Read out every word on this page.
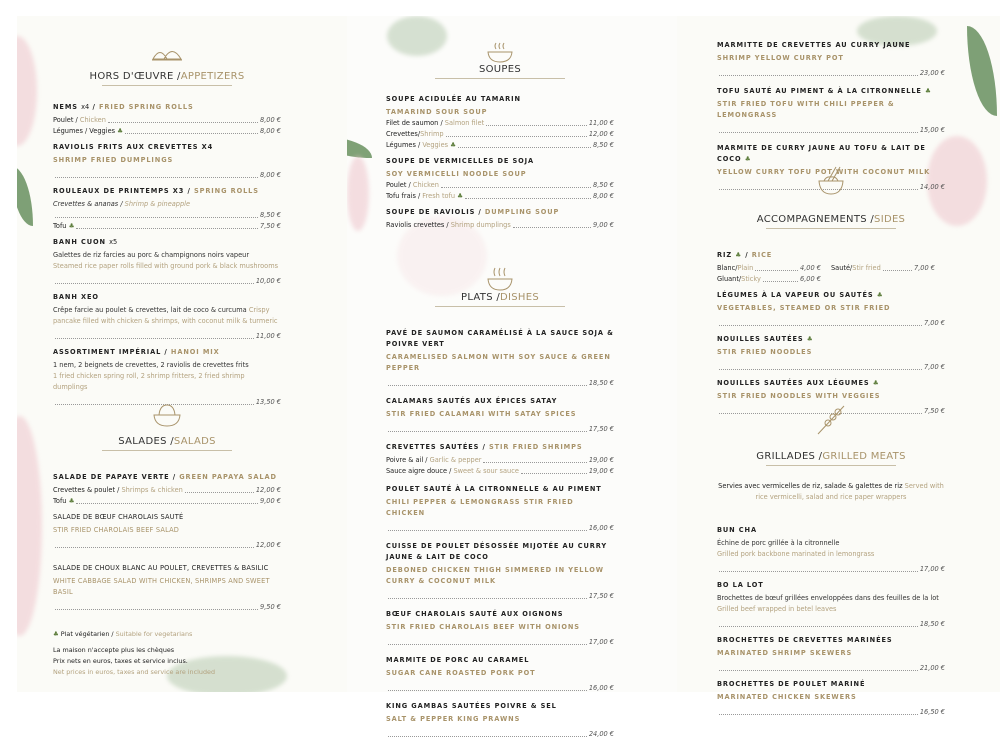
HORS D'ŒUVRE /APPETIZERS
NEMS x4 / FRIED SPRING ROLLS
Poulet / Chicken	8,00 €
Légumes / Veggies ♣	8,00 €
RAVIOLIS FRITS AUX CREVETTES X4
SHRIMP FRIED DUMPLINGS
8,00 €
ROULEAUX DE PRINTEMPS X3 / SPRING ROLLS
Crevettes & ananas / Shrimp & pineapple
8,50 €
Tofu ♣	7,50 €
BANH CUON x5
Galettes de riz farcies au porc & champignons noirs vapeur
Steamed rice paper rolls filled with ground pork & black mushrooms
10,00 €
BANH XEO
Crêpe farcie au poulet & crevettes, lait de coco & curcuma Crispy pancake filled with chicken & shrimps, with coconut milk & turmeric
11,00 €
ASSORTIMENT IMPÉRIAL / HANOI MIX
1 nem, 2 beignets de crevettes, 2 raviolis de crevettes frits
1 fried chicken spring roll, 2 shrimp fritters, 2 fried shrimp dumplings
13,50 €
SALADES /SALADS
SALADE DE PAPAYE VERTE / GREEN PAPAYA SALAD
Crevettes & poulet / Shrimps & chicken	12,00 €
Tofu ♣	9,00 €
SALADE DE BŒUF CHAROLAIS SAUTÉ
STIR FRIED CHAROLAIS BEEF SALAD
12,00 €
SALADE DE CHOUX BLANC AU POULET, CREVETTES & BASILIC
WHITE CABBAGE SALAD WITH CHICKEN, SHRIMPS AND SWEET BASIL
9,50 €
♣ Plat végétarien / Suitable for vegetarians
La maison n'accepte plus les chèques
Prix nets en euros, taxes et service inclus.
Net prices in euros, taxes and service are included
SOUPES
SOUPE ACIDULÉE AU TAMARIN
TAMARIND SOUR SOUP
Filet de saumon / Salmon filet	11,00 €
Crevettes/Shrimp	12,00 €
Légumes / Veggies ♣	8,50 €
SOUPE DE VERMICELLES DE SOJA
SOY VERMICELLI NOODLE SOUP
Poulet / Chicken	8,50 €
Tofu frais / Fresh tofu ♣	8,00 €
SOUPE DE RAVIOLIS / DUMPLING SOUP
Raviolis crevettes / Shrimp dumplings	9,00 €
PLATS /DISHES
PAVÉ DE SAUMON CARAMÉLISÉ À LA SAUCE SOJA & POIVRE VERT
CARAMELISED SALMON WITH SOY SAUCE & GREEN PEPPER
18,50 €
CALAMARS SAUTÉS AUX ÉPICES SATAY
STIR FRIED CALAMARI WITH SATAY SPICES
17,50 €
CREVETTES SAUTÉES / STIR FRIED SHRIMPS
Poivre & ail / Garlic & pepper	19,00 €
Sauce aigre douce / Sweet & sour sauce	19,00 €
POULET SAUTÉ À LA CITRONNELLE & AU PIMENT
CHILI PEPPER & LEMONGRASS STIR FRIED CHICKEN
16,00 €
CUISSE DE POULET DÉSOSSÉE MIJOTÉE AU CURRY JAUNE & LAIT DE COCO
DEBONED CHICKEN THIGH SIMMERED IN YELLOW CURRY & COCONUT MILK
17,50 €
BŒUF CHAROLAIS SAUTÉ AUX OIGNONS
STIR FRIED CHAROLAIS BEEF WITH ONIONS
17,00 €
MARMITE DE PORC AU CARAMEL
SUGAR CANE ROASTED PORK POT
16,00 €
KING GAMBAS SAUTÉES POIVRE & SEL
SALT & PEPPER KING PRAWNS
24,00 €
MARMITTE DE CREVETTES AU CURRY JAUNE
SHRIMP YELLOW CURRY POT
23,00 €
TOFU SAUTÉ AU PIMENT & À LA CITRONNELLE ♣
STIR FRIED TOFU WITH CHILI PPEPER & LEMONGRASS
15,00 €
MARMITE DE CURRY JAUNE AU TOFU & LAIT DE COCO ♣
YELLOW CURRY TOFU POT WITH COCONUT MILK
14,00 €
ACCOMPAGNEMENTS /SIDES
RIZ ♣ / RICE
Blanc/Plain	4,00 € Sauté/Stir fried	7,00 €
Gluant/Sticky	6,00 €
LÉGUMES À LA VAPEUR OU SAUTÉS ♣
VEGETABLES, STEAMED OR STIR FRIED
7,00 €
NOUILLES SAUTÉES ♣
STIR FRIED NOODLES
7,00 €
NOUILLES SAUTÉES AUX LÉGUMES ♣
STIR FRIED NOODLES WITH VEGGIES
7,50 €
GRILLADES /GRILLED MEATS
Servies avec vermicelles de riz, salade & galettes de riz Served with rice vermicelli, salad and rice paper wrappers
BUN CHA
Échine de porc grillée à la citronnelle
Grilled pork backbone marinated in lemongrass
17,00 €
BO LA LOT
Brochettes de bœuf grillées enveloppées dans des feuilles de la lot
Grilled beef wrapped in betel leaves
18,50 €
BROCHETTES DE CREVETTES MARINÉES
MARINATED SHRIMP SKEWERS
21,00 €
BROCHETTES DE POULET MARINÉ
MARINATED CHICKEN SKEWERS
16,50 €
